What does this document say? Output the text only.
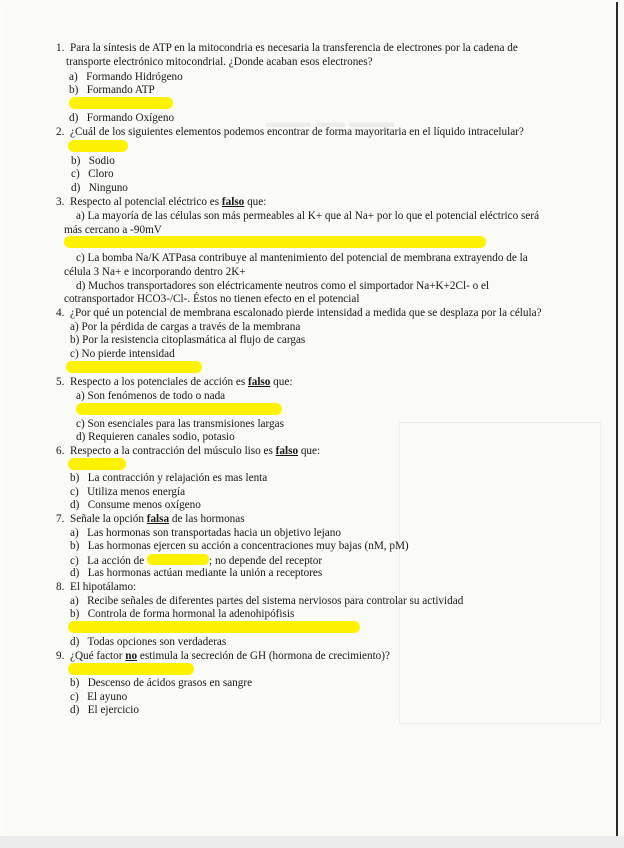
▬▬▬ ▬▬ ▬▬▬
1. Para la síntesis de ATP en la mitocondria es necesaria la transferencia de electrones por la cadena de
transporte electrónico mitocondrial. ¿Donde acaban esos electrones?
a) Formando Hidrógeno
b) Formando ATP
d) Formando Oxígeno
2. ¿Cuál de los siguientes elementos podemos encontrar de forma mayoritaria en el líquido intracelular?
b) Sodio
c) Cloro
d) Ninguno
3. Respecto al potencial eléctrico es falso que:
a) La mayoría de las células son más permeables al K+ que al Na+ por lo que el potencial eléctrico será
más cercano a -90mV
c) La bomba Na/K ATPasa contribuye al mantenimiento del potencial de membrana extrayendo de la
célula 3 Na+ e incorporando dentro 2K+
d) Muchos transportadores son eléctricamente neutros como el simportador Na+K+2Cl- o el
cotransportador HCO3-/Cl-. Éstos no tienen efecto en el potencial
4. ¿Por qué un potencial de membrana escalonado pierde intensidad a medida que se desplaza por la célula?
a) Por la pérdida de cargas a través de la membrana
b) Por la resistencia citoplasmática al flujo de cargas
c) No pierde intensidad
5. Respecto a los potenciales de acción es falso que:
a) Son fenómenos de todo o nada
c) Son esenciales para las transmisiones largas
d) Requieren canales sodio, potasio
6. Respecto a la contracción del músculo liso es falso que:
b) La contracción y relajación es mas lenta
c) Utiliza menos energía
d) Consume menos oxígeno
7. Señale la opción falsa de las hormonas
a) Las hormonas son transportadas hacia un objetivo lejano
b) Las hormonas ejercen su acción a concentraciones muy bajas (nM, pM)
c) La acción de	; no depende del receptor
d) Las hormonas actúan mediante la unión a receptores
8. El hipotálamo:
a) Recibe señales de diferentes partes del sistema nerviosos para controlar su actividad
b) Controla de forma hormonal la adenohipófisis
d) Todas opciones son verdaderas
9. ¿Qué factor no estimula la secreción de GH (hormona de crecimiento)?
b) Descenso de ácidos grasos en sangre
c) El ayuno
d) El ejercicio
